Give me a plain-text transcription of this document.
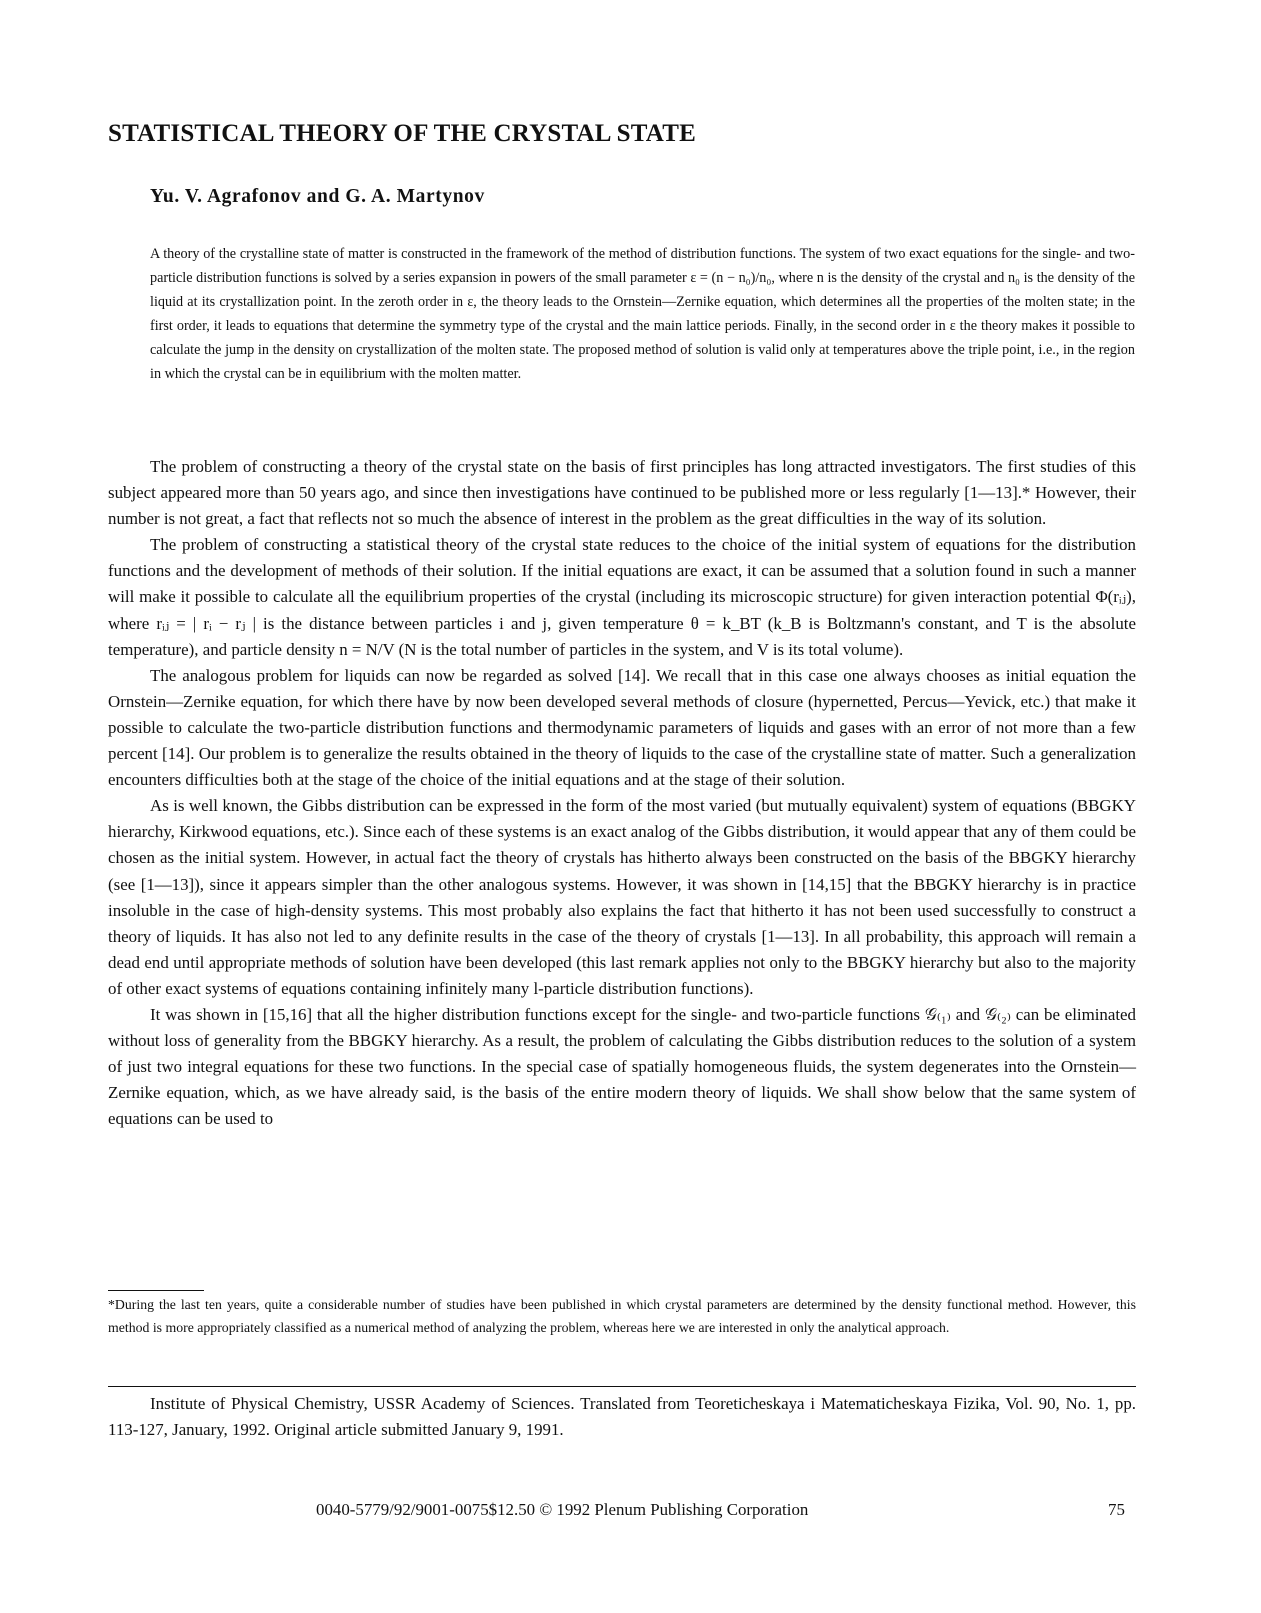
STATISTICAL THEORY OF THE CRYSTAL STATE
Yu. V. Agrafonov and G. A. Martynov

A theory of the crystalline state of matter is constructed in the framework of the method of distribution functions. The system of two exact equations for the single- and two-particle distribution functions is solved by a series expansion in powers of the small parameter ε = (n − n₀)/n₀, where n is the density of the crystal and n₀ is the density of the liquid at its crystallization point. In the zeroth order in ε, the theory leads to the Ornstein—Zernike equation, which determines all the properties of the molten state; in the first order, it leads to equations that determine the symmetry type of the crystal and the main lattice periods. Finally, in the second order in ε the theory makes it possible to calculate the jump in the density on crystallization of the molten state. The proposed method of solution is valid only at temperatures above the triple point, i.e., in the region in which the crystal can be in equilibrium with the molten matter.

The problem of constructing a theory of the crystal state on the basis of first principles has long attracted investigators. The first studies of this subject appeared more than 50 years ago, and since then investigations have continued to be published more or less regularly [1—13].* However, their number is not great, a fact that reflects not so much the absence of interest in the problem as the great difficulties in the way of its solution.

The problem of constructing a statistical theory of the crystal state reduces to the choice of the initial system of equations for the distribution functions and the development of methods of their solution. If the initial equations are exact, it can be assumed that a solution found in such a manner will make it possible to calculate all the equilibrium properties of the crystal (including its microscopic structure) for given interaction potential Φ(rᵢⱼ), where rᵢⱼ = | rᵢ − rⱼ | is the distance between particles i and j, given temperature θ = k_BT (k_B is Boltzmann's constant, and T is the absolute temperature), and particle density n = N/V (N is the total number of particles in the system, and V is its total volume).

The analogous problem for liquids can now be regarded as solved [14]. We recall that in this case one always chooses as initial equation the Ornstein—Zernike equation, for which there have by now been developed several methods of closure (hypernetted, Percus—Yevick, etc.) that make it possible to calculate the two-particle distribution functions and thermodynamic parameters of liquids and gases with an error of not more than a few percent [14]. Our problem is to generalize the results obtained in the theory of liquids to the case of the crystalline state of matter. Such a generalization encounters difficulties both at the stage of the choice of the initial equations and at the stage of their solution.

As is well known, the Gibbs distribution can be expressed in the form of the most varied (but mutually equivalent) system of equations (BBGKY hierarchy, Kirkwood equations, etc.). Since each of these systems is an exact analog of the Gibbs distribution, it would appear that any of them could be chosen as the initial system. However, in actual fact the theory of crystals has hitherto always been constructed on the basis of the BBGKY hierarchy (see [1—13]), since it appears simpler than the other analogous systems. However, it was shown in [14,15] that the BBGKY hierarchy is in practice insoluble in the case of high-density systems. This most probably also explains the fact that hitherto it has not been used successfully to construct a theory of liquids. It has also not led to any definite results in the case of the theory of crystals [1—13]. In all probability, this approach will remain a dead end until appropriate methods of solution have been developed (this last remark applies not only to the BBGKY hierarchy but also to the majority of other exact systems of equations containing infinitely many l-particle distribution functions).

It was shown in [15,16] that all the higher distribution functions except for the single- and two-particle functions 𝒢₍₁₎ and 𝒢₍₂₎ can be eliminated without loss of generality from the BBGKY hierarchy. As a result, the problem of calculating the Gibbs distribution reduces to the solution of a system of just two integral equations for these two functions. In the special case of spatially homogeneous fluids, the system degenerates into the Ornstein—Zernike equation, which, as we have already said, is the basis of the entire modern theory of liquids. We shall show below that the same system of equations can be used to

*During the last ten years, quite a considerable number of studies have been published in which crystal parameters are determined by the density functional method. However, this method is more appropriately classified as a numerical method of analyzing the problem, whereas here we are interested in only the analytical approach.

Institute of Physical Chemistry, USSR Academy of Sciences. Translated from Teoreticheskaya i Matematicheskaya Fizika, Vol. 90, No. 1, pp. 113-127, January, 1992. Original article submitted January 9, 1991.

0040-5779/92/9001-0075$12.50 © 1992 Plenum Publishing Corporation	75
